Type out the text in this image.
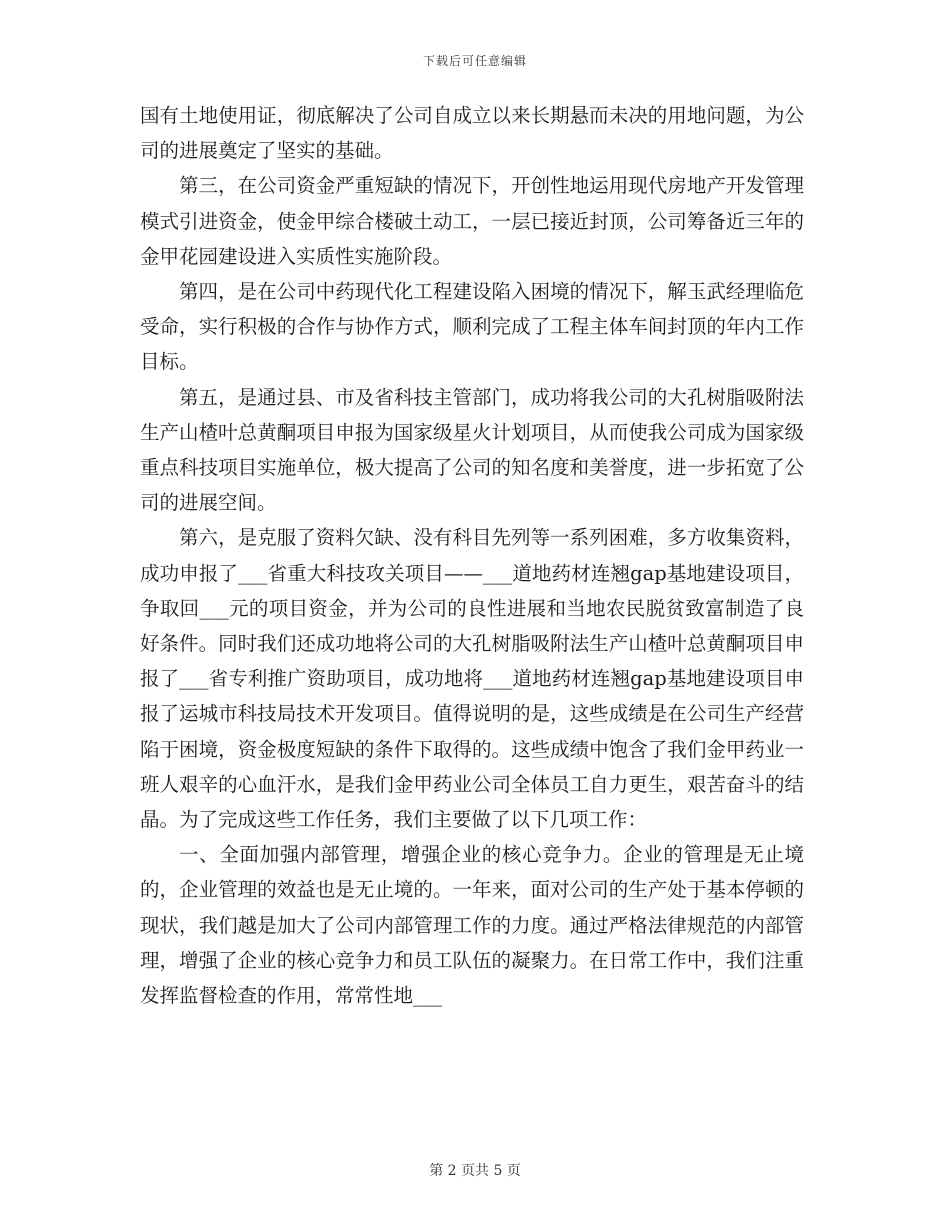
下载后可任意编辑

国有土地使用证，彻底解决了公司自成立以来长期悬而未决的用地问题，为公司的进展奠定了坚实的基础。

第三，在公司资金严重短缺的情况下，开创性地运用现代房地产开发管理模式引进资金，使金甲综合楼破土动工，一层已接近封顶，公司筹备近三年的金甲花园建设进入实质性实施阶段。

第四，是在公司中药现代化工程建设陷入困境的情况下，解玉武经理临危受命，实行积极的合作与协作方式，顺利完成了工程主体车间封顶的年内工作目标。

第五，是通过县、市及省科技主管部门，成功将我公司的大孔树脂吸附法生产山楂叶总黄酮项目申报为国家级星火计划项目，从而使我公司成为国家级重点科技项目实施单位，极大提高了公司的知名度和美誉度，进一步拓宽了公司的进展空间。

第六，是克服了资料欠缺、没有科目先列等一系列困难，多方收集资料，成功申报了___省重大科技攻关项目——___道地药材连翘gap基地建设项目，争取回___元的项目资金，并为公司的良性进展和当地农民脱贫致富制造了良好条件。同时我们还成功地将公司的大孔树脂吸附法生产山楂叶总黄酮项目申报了___省专利推广资助项目，成功地将___道地药材连翘gap基地建设项目申报了运城市科技局技术开发项目。值得说明的是，这些成绩是在公司生产经营陷于困境，资金极度短缺的条件下取得的。这些成绩中饱含了我们金甲药业一班人艰辛的心血汗水，是我们金甲药业公司全体员工自力更生，艰苦奋斗的结晶。为了完成这些工作任务，我们主要做了以下几项工作：

一、全面加强内部管理，增强企业的核心竞争力。企业的管理是无止境的，企业管理的效益也是无止境的。一年来，面对公司的生产处于基本停顿的现状，我们越是加大了公司内部管理工作的力度。通过严格法律规范的内部管理，增强了企业的核心竞争力和员工队伍的凝聚力。在日常工作中，我们注重发挥监督检查的作用，常常性地___

第 2 页共 5 页
